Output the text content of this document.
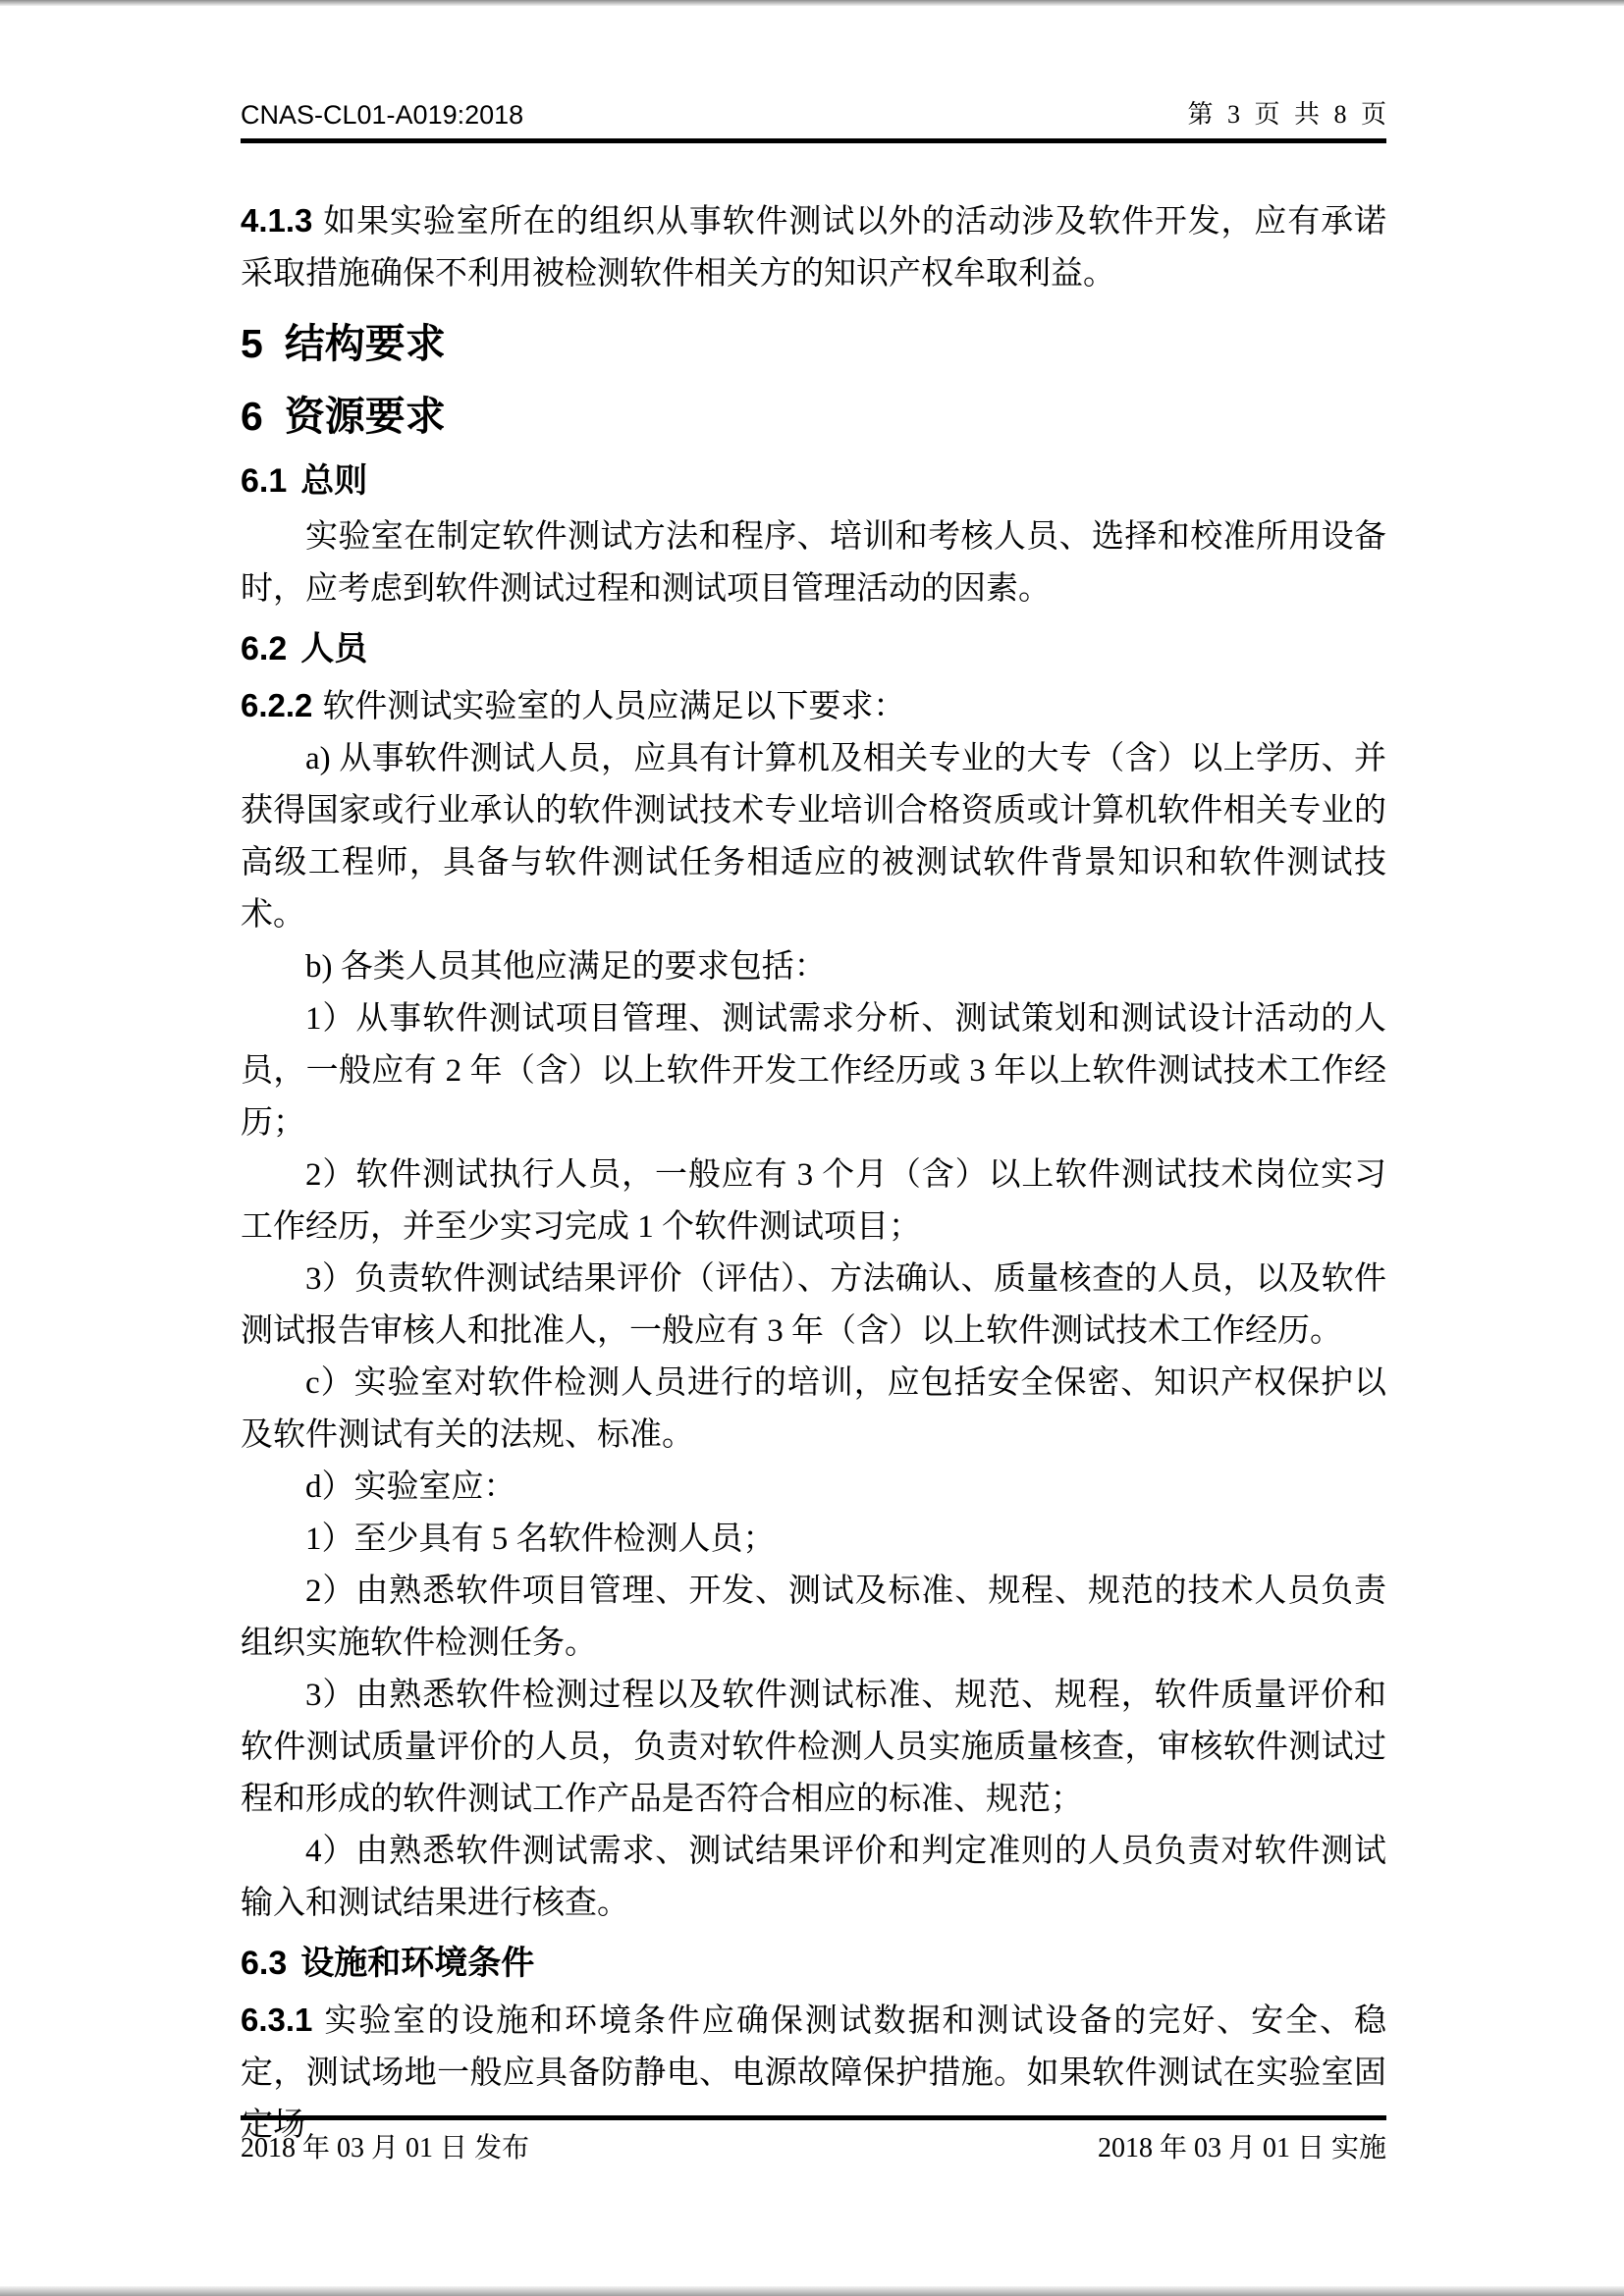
CNAS-CL01-A019:2018	第 3 页 共 8 页

4.1.3 如果实验室所在的组织从事软件测试以外的活动涉及软件开发，应有承诺采取措施确保不利用被检测软件相关方的知识产权牟取利益。

5 结构要求

6 资源要求

6.1 总则

实验室在制定软件测试方法和程序、培训和考核人员、选择和校准所用设备时，应考虑到软件测试过程和测试项目管理活动的因素。

6.2 人员

6.2.2 软件测试实验室的人员应满足以下要求：

a) 从事软件测试人员，应具有计算机及相关专业的大专（含）以上学历、并获得国家或行业承认的软件测试技术专业培训合格资质或计算机软件相关专业的高级工程师，具备与软件测试任务相适应的被测试软件背景知识和软件测试技术。

b) 各类人员其他应满足的要求包括：

1）从事软件测试项目管理、测试需求分析、测试策划和测试设计活动的人员，一般应有 2 年（含）以上软件开发工作经历或 3 年以上软件测试技术工作经历；

2）软件测试执行人员，一般应有 3 个月（含）以上软件测试技术岗位实习工作经历，并至少实习完成 1 个软件测试项目；

3）负责软件测试结果评价（评估）、方法确认、质量核查的人员，以及软件测试报告审核人和批准人，一般应有 3 年（含）以上软件测试技术工作经历。

c）实验室对软件检测人员进行的培训，应包括安全保密、知识产权保护以及软件测试有关的法规、标准。

d）实验室应：

1）至少具有 5 名软件检测人员；

2）由熟悉软件项目管理、开发、测试及标准、规程、规范的技术人员负责组织实施软件检测任务。

3）由熟悉软件检测过程以及软件测试标准、规范、规程，软件质量评价和软件测试质量评价的人员，负责对软件检测人员实施质量核查，审核软件测试过程和形成的软件测试工作产品是否符合相应的标准、规范；

4）由熟悉软件测试需求、测试结果评价和判定准则的人员负责对软件测试输入和测试结果进行核查。

6.3 设施和环境条件

6.3.1 实验室的设施和环境条件应确保测试数据和测试设备的完好、安全、稳定，测试场地一般应具备防静电、电源故障保护措施。如果软件测试在实验室固定场

2018 年 03 月 01 日 发布	2018 年 03 月 01 日 实施
